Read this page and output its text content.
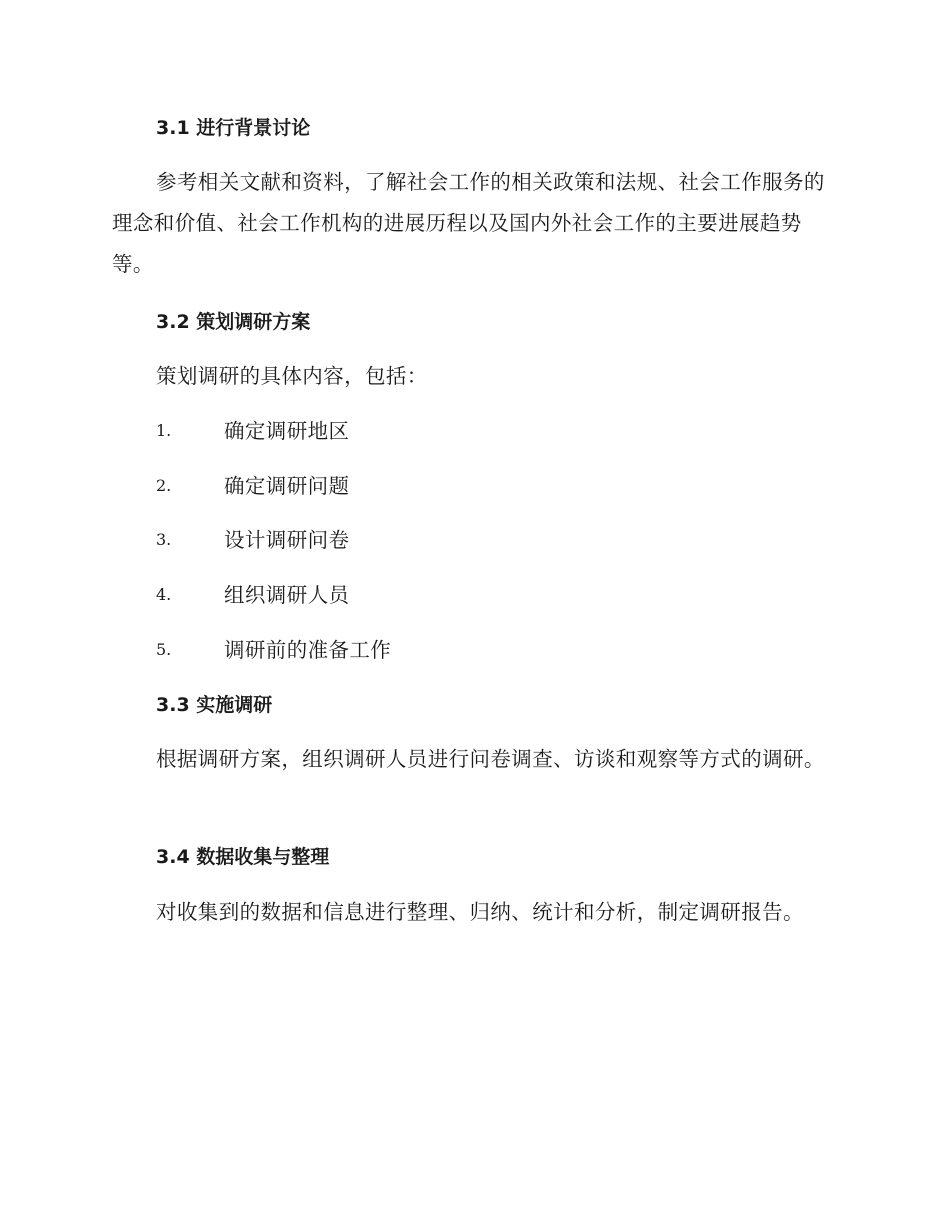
3.1 进行背景讨论
参考相关文献和资料，了解社会工作的相关政策和法规、社会工作服务的理念和价值、社会工作机构的进展历程以及国内外社会工作的主要进展趋势等。
3.2 策划调研方案
策划调研的具体内容，包括：
1.	确定调研地区
2.	确定调研问题
3.	设计调研问卷
4.	组织调研人员
5.	调研前的准备工作
3.3 实施调研
根据调研方案，组织调研人员进行问卷调查、访谈和观察等方式的调研。
3.4 数据收集与整理
对收集到的数据和信息进行整理、归纳、统计和分析，制定调研报告。
